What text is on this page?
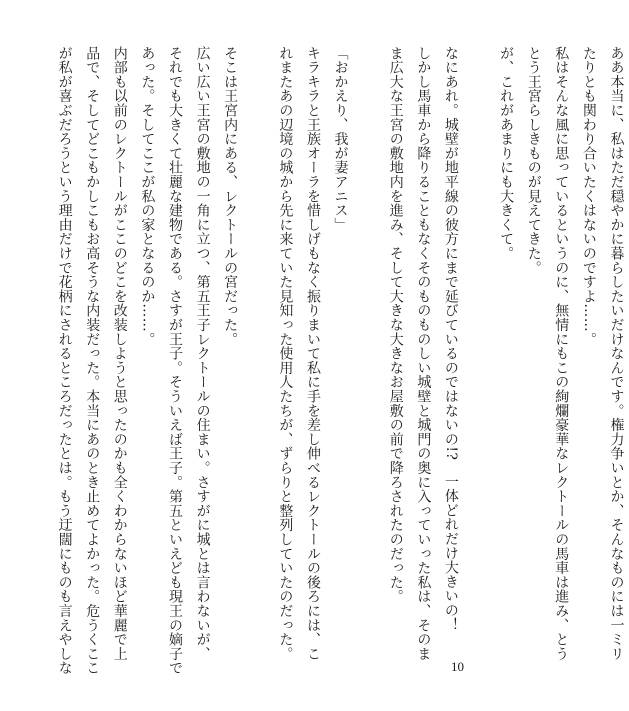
ああ本当に、私はただ穏やかに暮らしたいだけなんです。権力争いとか、そんなものには一ミリ
たりとも関わり合いたくはないのですよ……。
私はそんな風に思っているというのに、無情にもこの絢爛豪華なレクトールの馬車は進み、とう
とう王宮らしきものが見えてきた。
が、これがあまりにも大きくて。
なにあれ。城壁が地平線の彼方にまで延びているのではないの!?　一体どれだけ大きいの！
しかし馬車から降りることもなくそのものものしい城壁と城門の奥に入っていった私は、そのま
ま広大な王宮の敷地内を進み、そして大きな大きなお屋敷の前で降ろされたのだった。
「おかえり、我が妻アニス」
キラキラと王族オーラを惜しげもなく振りまいて私に手を差し伸べるレクトールの後ろには、こ
れまたあの辺境の城から先に来ていた見知った使用人たちが、ずらりと整列していたのだった。
そこは王宮内にある、レクトールの宮だった。
広い広い王宮の敷地の一角に立つ、第五王子レクトールの住まい。さすがに城とは言わないが、
それでも大きくて壮麗な建物である。さすが王子。そういえば王子。第五といえども現王の嫡子で
あった。そしてここが私の家となるのか……。
内部も以前のレクトールがここのどこを改装しようと思ったのかも全くわからないほど華麗で上
品で、そしてどこもかしこもお高そうな内装だった。本当にあのとき止めてよかった。危うくここ
が私が喜ぶだろうという理由だけで花柄にされるところだったとは。もう迂闊にものも言えやしな	10
